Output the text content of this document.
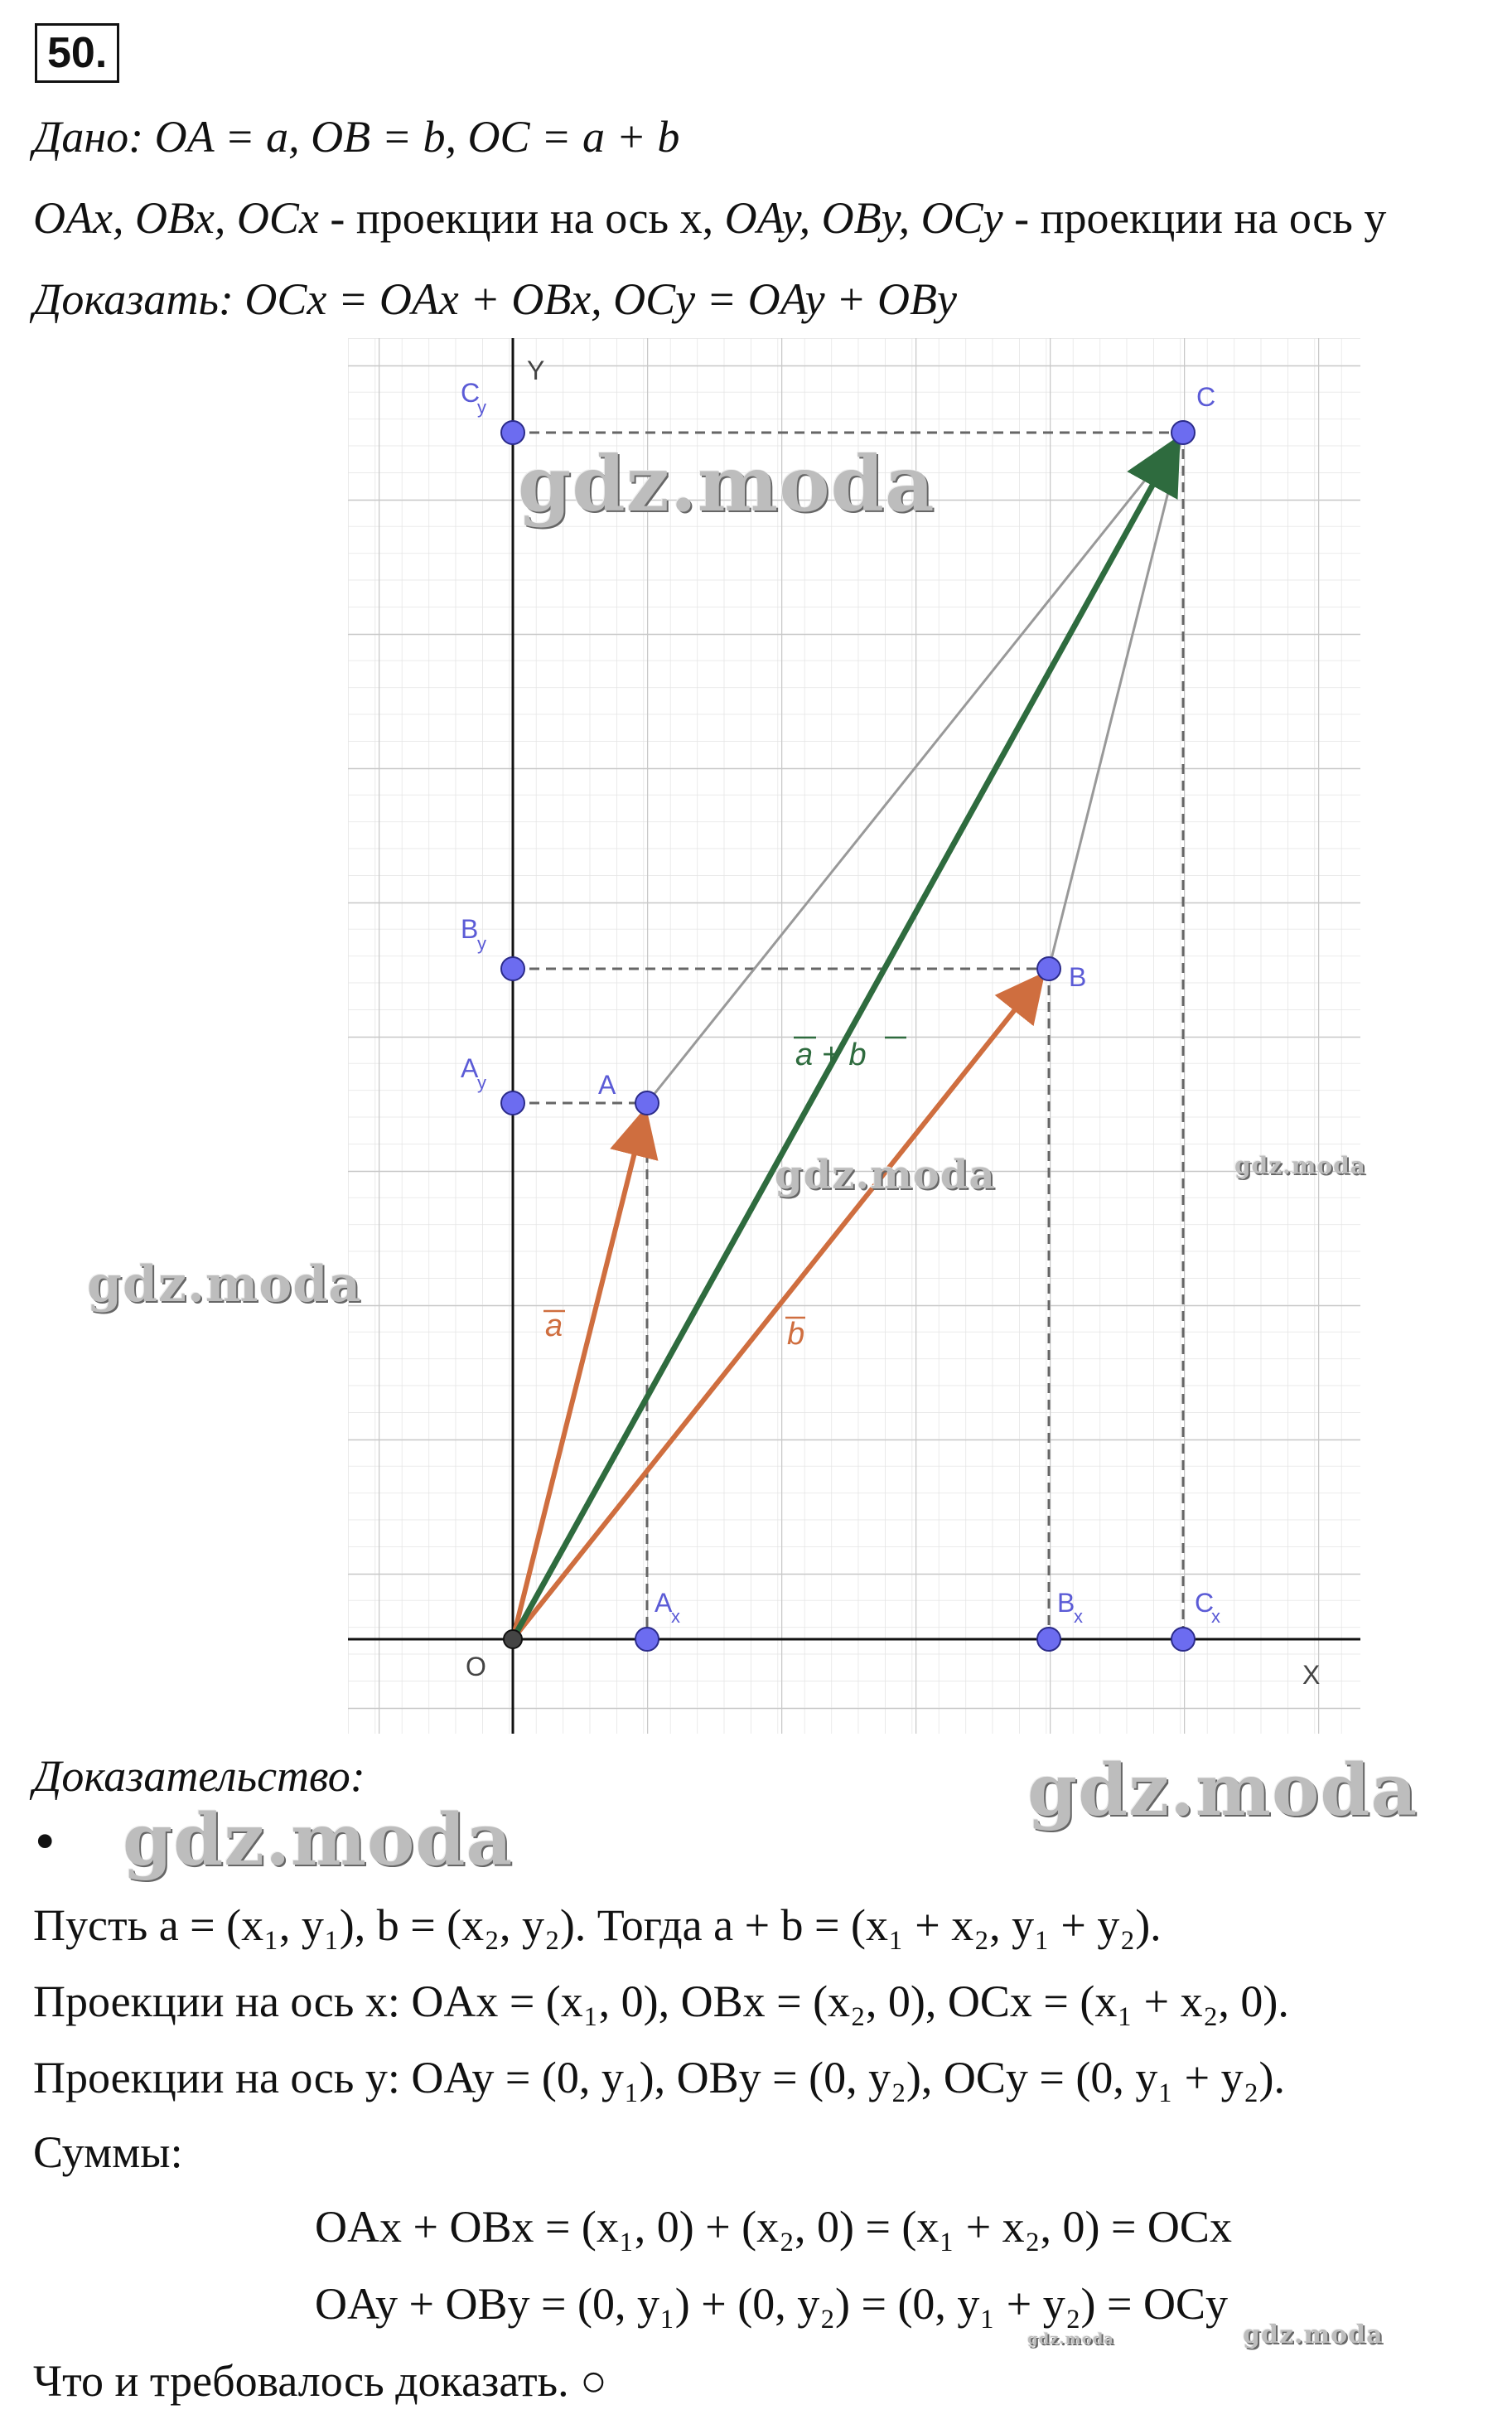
50.
Дано: OA = a, OB = b, OC = a + b
OAx, OBx, OCx - проекции на ось x, OAy, OBy, OCy - проекции на ось y
Доказать: OCx = OAx + OBx, OCy = OAy + OBy
C
B
A
A
x	B
x	C
x
A
y
B
y
C
y
Y
X
O
a	b
a + b
gdz.moda
gdz.moda	gdz.moda
gdz.moda
gdz.moda
gdz.moda
gdz.moda	gdz.moda
Доказательство:
•
Пусть a = (x₁, y₁), b = (x₂, y₂). Тогда a + b = (x₁ + x₂, y₁ + y₂).
Проекции на ось x: OAx = (x₁, 0), OBx = (x₂, 0), OCx = (x₁ + x₂, 0).
Проекции на ось y: OAy = (0, y₁), OBy = (0, y₂), OCy = (0, y₁ + y₂).
Суммы:
OAx + OBx = (x₁, 0) + (x₂, 0) = (x₁ + x₂, 0) = OCx
OAy + OBy = (0, y₁) + (0, y₂) = (0, y₁ + y₂) = OCy
Что и требовалось доказать. ○
